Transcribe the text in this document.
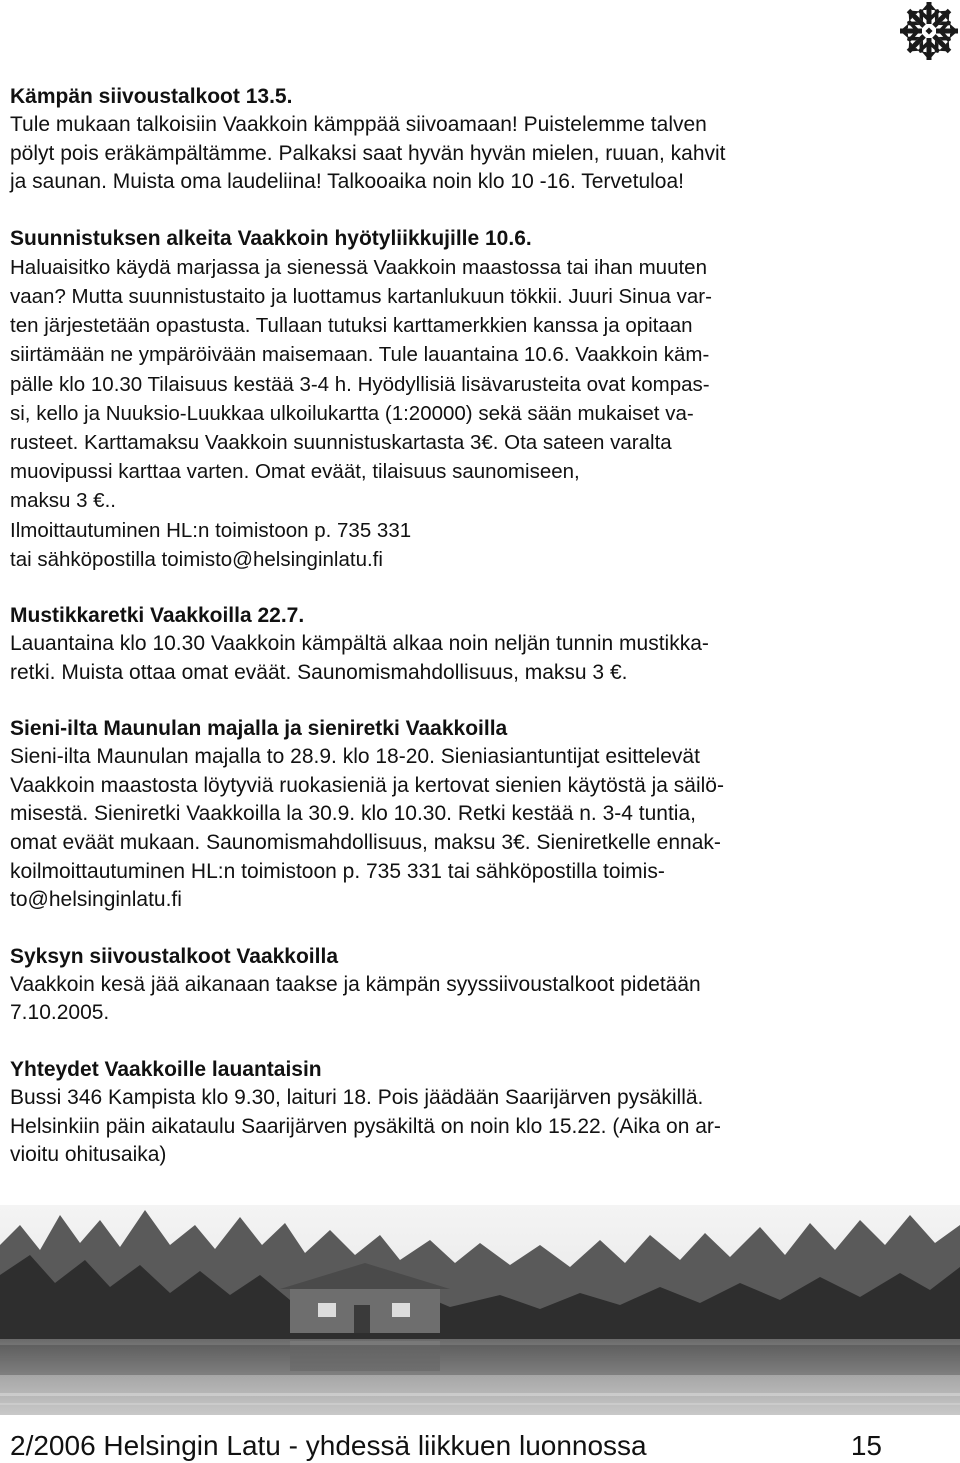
Kämpän siivoustalkoot 13.5.

Tule mukaan talkoisiin Vaakkoin kämppää siivoamaan! Puistelemme talven
pölyt pois eräkämpältämme. Palkaksi saat hyvän hyvän mielen, ruuan, kahvit
ja saunan. Muista oma laudeliina! Talkooaika noin klo 10 -16. Tervetuloa!

Suunnistuksen alkeita Vaakkoin hyötyliikkujille 10.6.

Haluaisitko käydä marjassa ja sienessä Vaakkoin maastossa tai ihan muuten
vaan? Mutta suunnistustaito ja luottamus kartanlukuun tökkii. Juuri Sinua var-
ten järjestetään opastusta. Tullaan tutuksi karttamerkkien kanssa ja opitaan
siirtämään ne ympäröivään maisemaan. Tule lauantaina 10.6. Vaakkoin käm-
pälle klo 10.30 Tilaisuus kestää 3-4 h. Hyödyllisiä lisävarusteita ovat kompas-
si, kello ja Nuuksio-Luukkaa ulkoilukartta (1:20000) sekä sään mukaiset va-
rusteet. Karttamaksu Vaakkoin suunnistuskartasta 3€. Ota sateen varalta
muovipussi karttaa varten. Omat eväät, tilaisuus saunomiseen,
maksu 3 €..
Ilmoittautuminen HL:n toimistoon p. 735 331
tai sähköpostilla toimisto@helsinginlatu.fi

Mustikkaretki Vaakkoilla 22.7.

Lauantaina klo 10.30 Vaakkoin kämpältä alkaa noin neljän tunnin mustikka-
retki. Muista ottaa omat eväät. Saunomismahdollisuus, maksu 3 €.

Sieni-ilta Maunulan majalla ja sieniretki Vaakkoilla

Sieni-ilta Maunulan majalla to 28.9. klo 18-20. Sieniasiantuntijat esittelevät
Vaakkoin maastosta löytyviä ruokasieniä ja kertovat sienien käytöstä ja säilö-
misestä. Sieniretki Vaakkoilla la 30.9. klo 10.30. Retki kestää n. 3-4 tuntia,
omat eväät mukaan. Saunomismahdollisuus, maksu 3€. Sieniretkelle ennak-
koilmoittautuminen HL:n toimistoon p. 735 331 tai sähköpostilla toimis-
to@helsinginlatu.fi

Syksyn siivoustalkoot Vaakkoilla

Vaakkoin kesä jää aikanaan taakse ja kämpän syyssiivoustalkoot pidetään
7.10.2005.

Yhteydet Vaakkoille lauantaisin

Bussi 346 Kampista klo 9.30, laituri 18. Pois jäädään Saarijärven pysäkillä.
Helsinkiin päin aikataulu Saarijärven pysäkiltä on noin klo 15.22. (Aika on ar-
vioitu ohitusaika)

2/2006 Helsingin Latu - yhdessä liikkuen luonnossa	15
